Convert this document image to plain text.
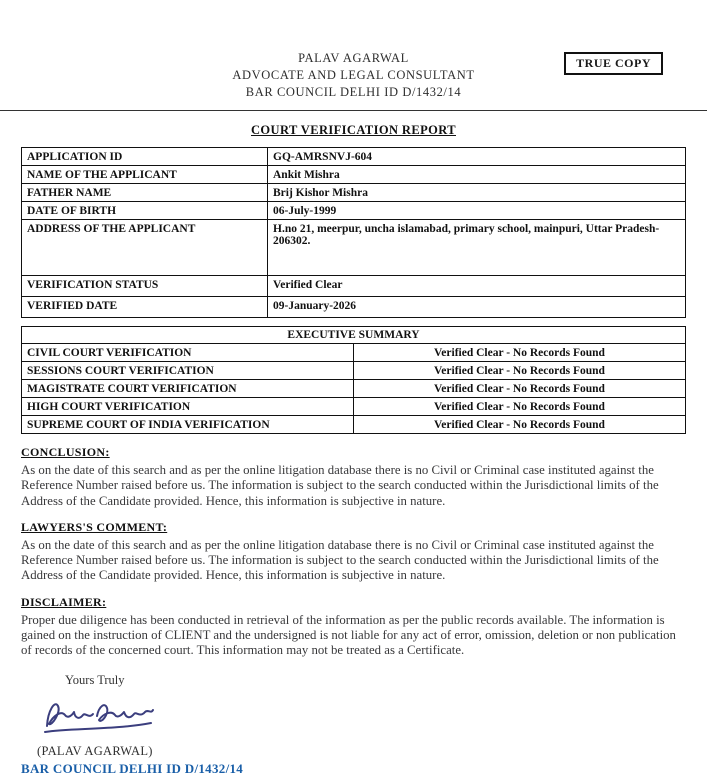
TRUE COPY
PALAV AGARWAL
ADVOCATE AND LEGAL CONSULTANT
BAR COUNCIL DELHI ID D/1432/14
COURT VERIFICATION REPORT
APPLICATION ID	GQ-AMRSNVJ-604
NAME OF THE APPLICANT	Ankit Mishra
FATHER NAME	Brij Kishor Mishra
DATE OF BIRTH	06-July-1999
ADDRESS OF THE APPLICANT	H.no 21, meerpur, uncha islamabad, primary school, mainpuri, Uttar Pradesh-206302.
VERIFICATION STATUS	Verified Clear
VERIFIED DATE	09-January-2026
EXECUTIVE SUMMARY	
CIVIL COURT VERIFICATION	Verified Clear - No Records Found
SESSIONS COURT VERIFICATION	Verified Clear - No Records Found
MAGISTRATE COURT VERIFICATION	Verified Clear - No Records Found
HIGH COURT VERIFICATION	Verified Clear - No Records Found
SUPREME COURT OF INDIA VERIFICATION	Verified Clear - No Records Found
CONCLUSION:
As on the date of this search and as per the online litigation database there is no Civil or Criminal case instituted against the Reference Number raised before us. The information is subject to the search conducted within the Jurisdictional limits of the Address of the Candidate provided. Hence, this information is subjective in nature.
LAWYERS'S COMMENT:
As on the date of this search and as per the online litigation database there is no Civil or Criminal case instituted against the Reference Number raised before us. The information is subject to the search conducted within the Jurisdictional limits of the Address of the Candidate provided. Hence, this information is subjective in nature.
DISCLAIMER:
Proper due diligence has been conducted in retrieval of the information as per the public records available. The information is gained on the instruction of CLIENT and the undersigned is not liable for any act of error, omission, deletion or non publication of records of the concerned court. This information may not be treated as a Certificate.
Yours Truly
(PALAV AGARWAL)
BAR COUNCIL DELHI ID D/1432/14
